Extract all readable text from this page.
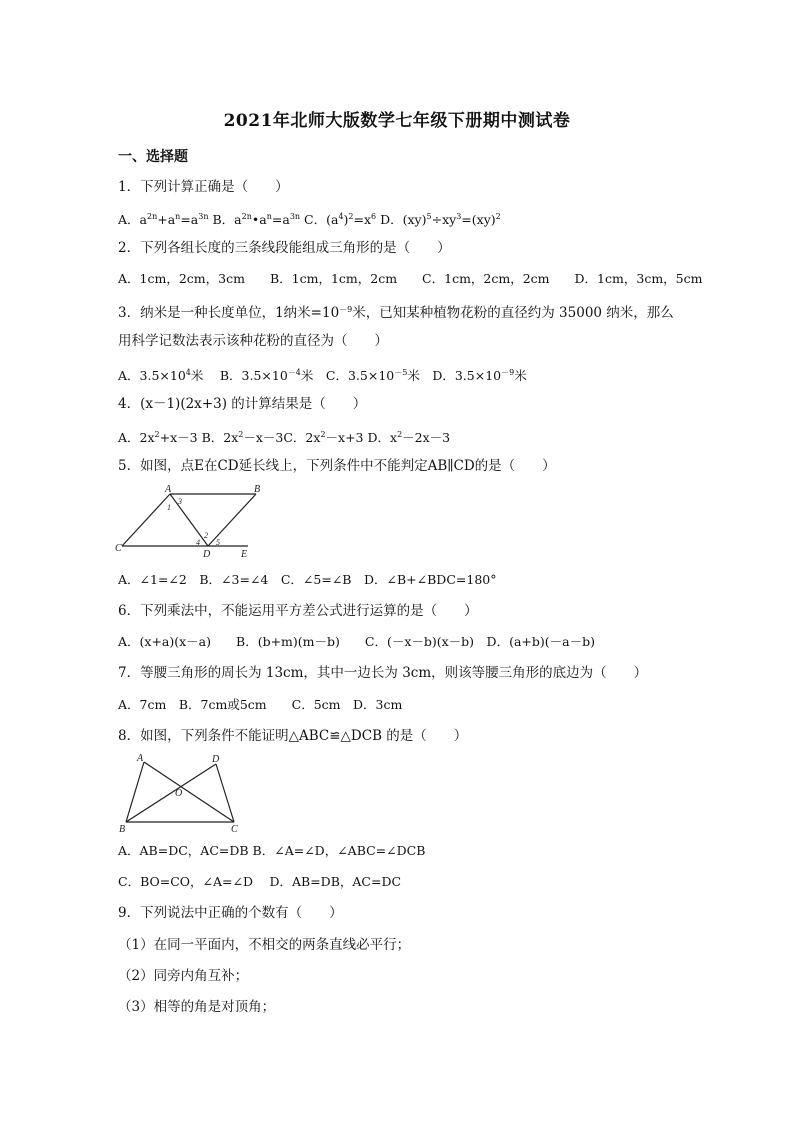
2021年北师大版数学七年级下册期中测试卷
一、选择题
1．下列计算正确是（　　）
A．$a^{2n}+a^n=a^{3n}$ B．$a^{2n}•a^n=a^{3n}$ C．$(a^4)^2=x^6$ D．$(xy)^5\div xy^3=(xy)^2$
2．下列各组长度的三条线段能组成三角形的是（　　）
A．1cm，2cm，3cm　　B．1cm，1cm，2cm　　C．1cm，2cm，2cm　　D．1cm，3cm，5cm
3．纳米是一种长度单位，1纳米$=10^{-9}$米，已知某种植物花粉的直径约为 35000 纳米，那么
用科学记数法表示该种花粉的直径为（　　）
A．$3.5\times 10^4$米　 B．$3.5\times 10^{-4}$米　C．$3.5\times 10^{-5}$米　D．$3.5\times 10^{-9}$米
4．(x－1)(2x+3) 的计算结果是（　　）
A．$2x^2+x-3$ B．$2x^2-x-3C$．$2x^2-x+3$ D．$x^2-2x-3$
5．如图，点E在CD延长线上，下列条件中不能判定AB∥CD的是（　　）
A	B
C
D	E
1
2
3
4 5
A．∠1=∠2　B．∠3=∠4　C．∠5=∠B　D．∠B+∠BDC=180°
6．下列乘法中，不能运用平方差公式进行运算的是（　　）
A．(x+a)(x－a)　　B．(b+m)(m－b)　　C．(－x－b)(x－b)　D．(a+b)(－a－b)
7．等腰三角形的周长为 13cm，其中一边长为 3cm，则该等腰三角形的底边为（　　）
A．7cm　B．7cm或5cm　　C．5cm　D．3cm
8．如图，下列条件不能证明△ABC≌△DCB 的是（　　）
A	D
O
B	C
A．AB=DC，AC=DB B．∠A=∠D，∠ABC=∠DCB
C．BO=CO，∠A=∠D　 D．AB=DB，AC=DC
9．下列说法中正确的个数有（　　）
（1）在同一平面内，不相交的两条直线必平行；
（2）同旁内角互补；
（3）相等的角是对顶角；
